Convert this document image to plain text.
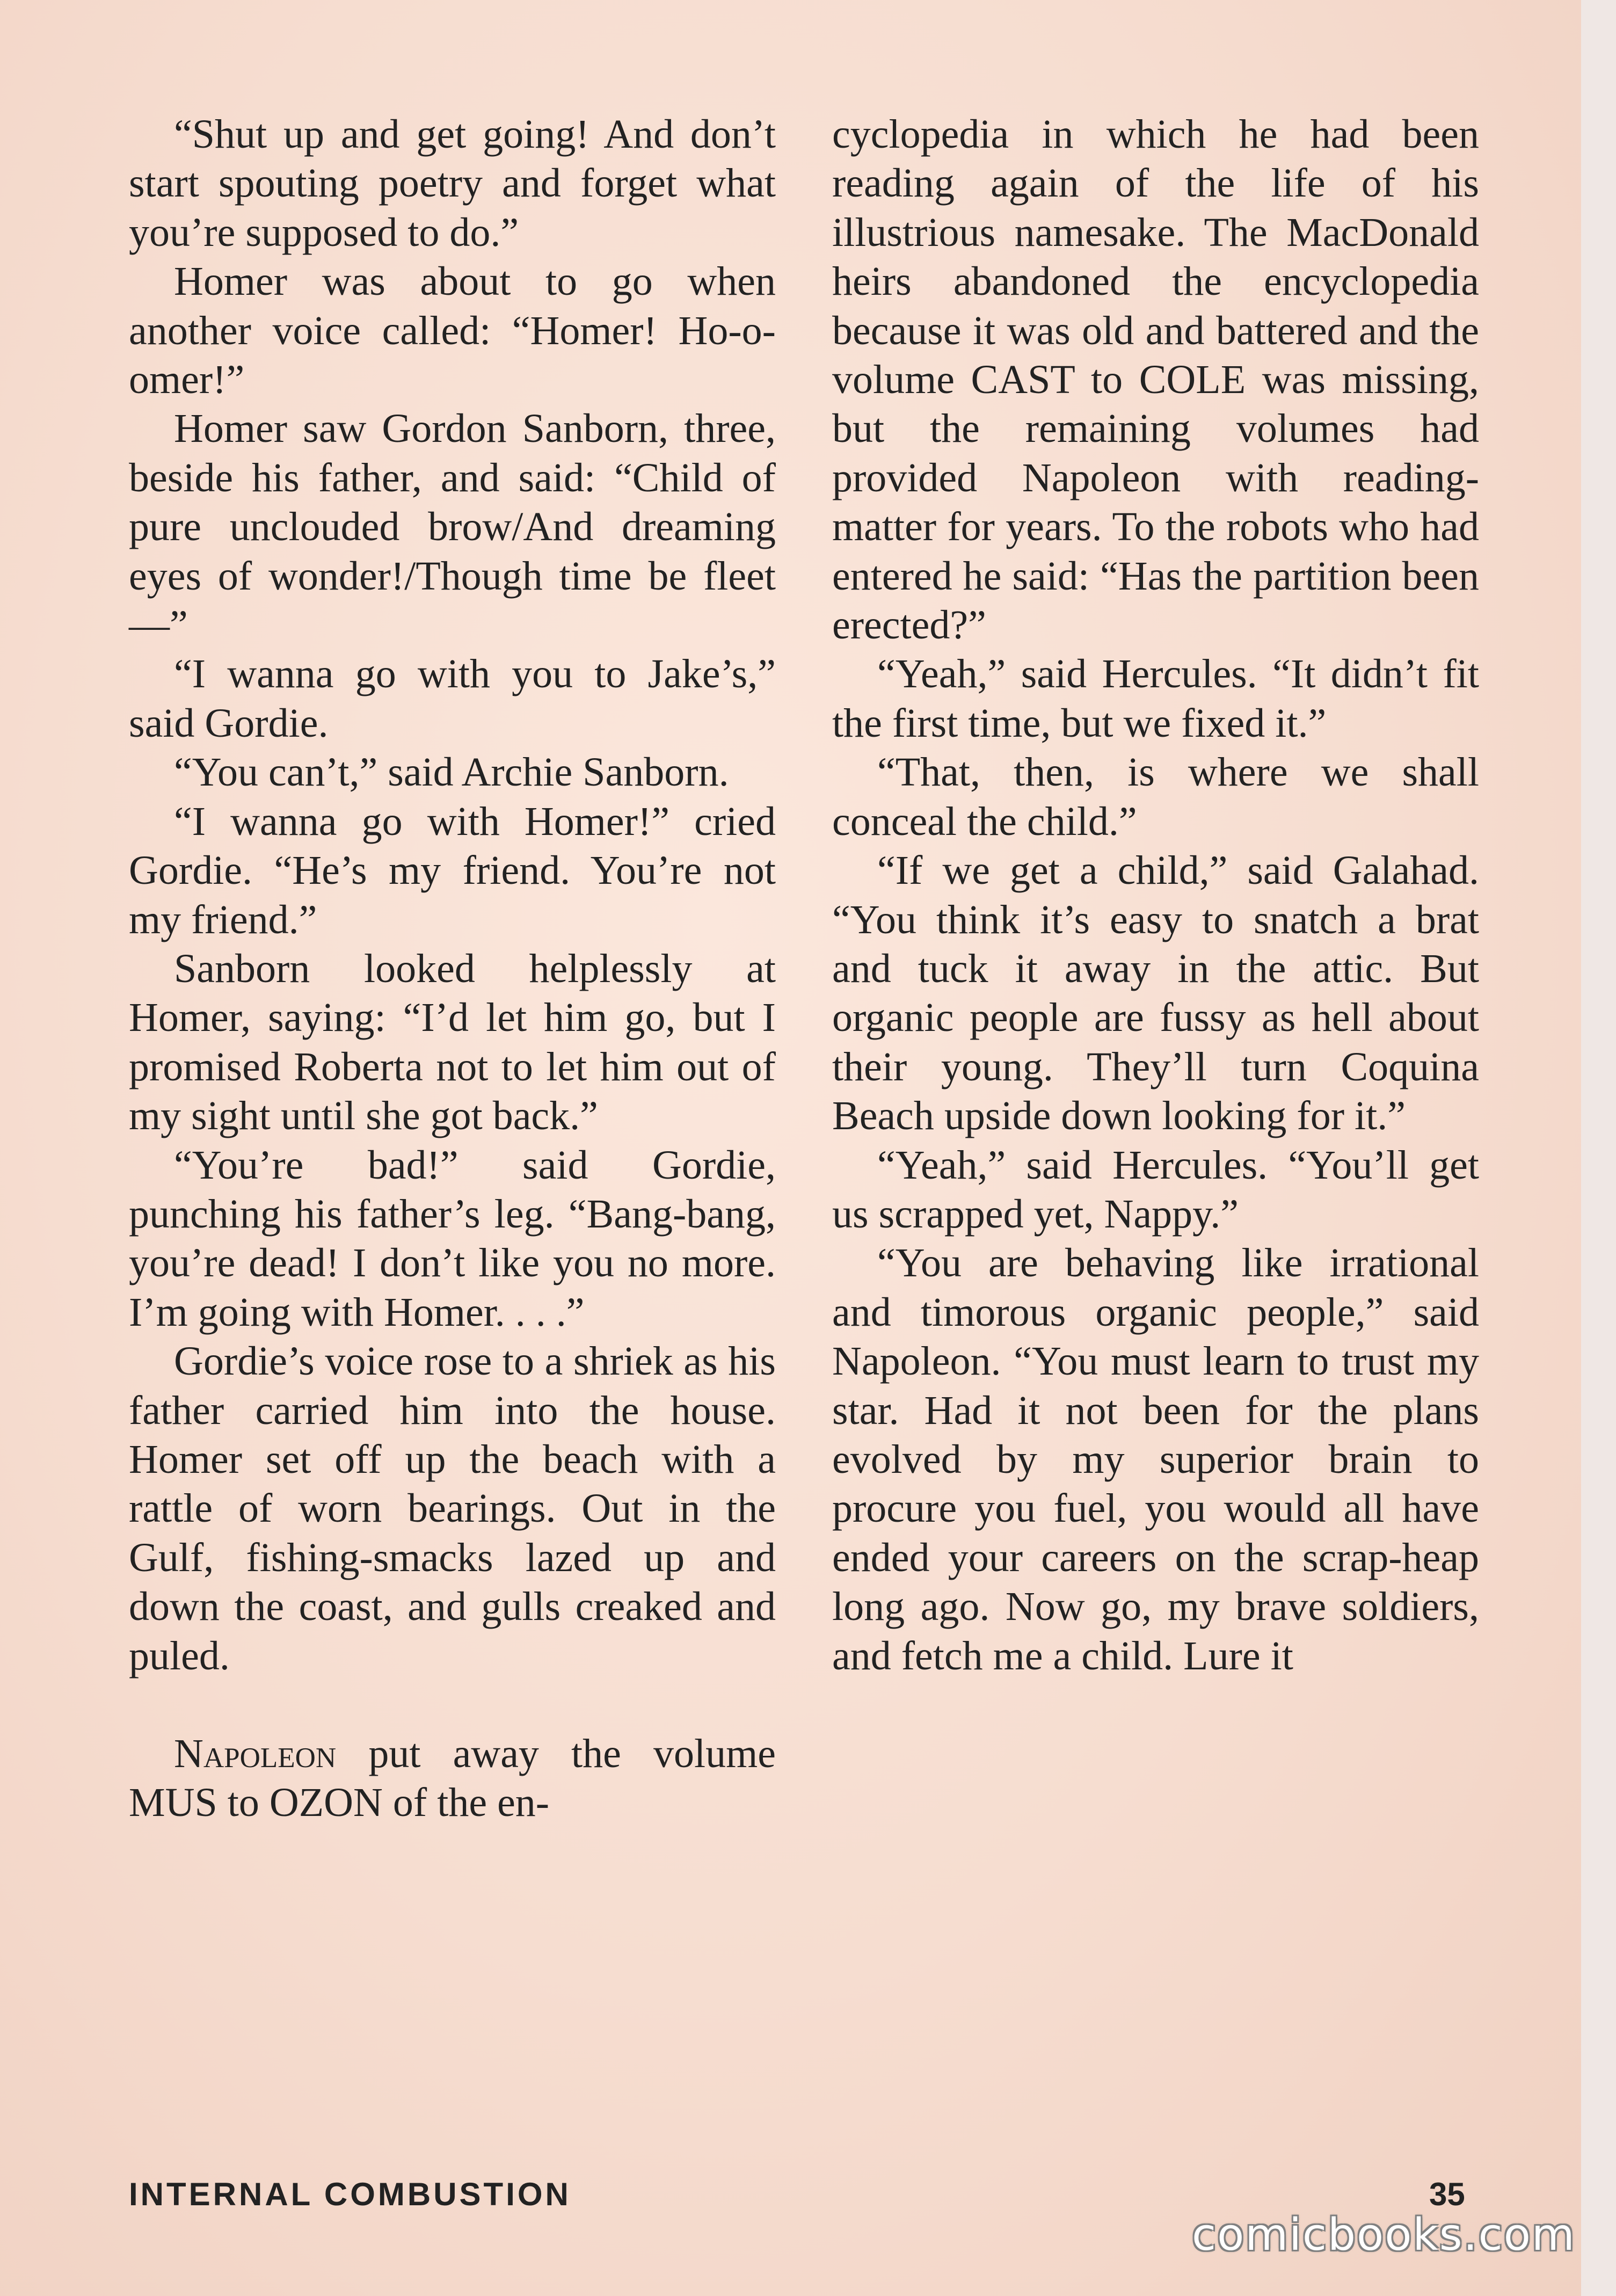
“Shut up and get going! And don’t start spouting poetry and forget what you’re supposed to do.”

Homer was about to go when another voice called: “Homer! Ho-o-omer!”

Homer saw Gordon Sanborn, three, beside his father, and said: “Child of pure unclouded brow/And dreaming eyes of wonder!/Though time be fleet—”

“I wanna go with you to Jake’s,” said Gordie.

“You can’t,” said Archie Sanborn.

“I wanna go with Homer!” cried Gordie. “He’s my friend. You’re not my friend.”

Sanborn looked helplessly at Homer, saying: “I’d let him go, but I promised Roberta not to let him out of my sight until she got back.”

“You’re bad!” said Gordie, punching his father’s leg. “Bang-bang, you’re dead! I don’t like you no more. I’m going with Homer. . . .”

Gordie’s voice rose to a shriek as his father carried him into the house. Homer set off up the beach with a rattle of worn bearings. Out in the Gulf, fishing-smacks lazed up and down the coast, and gulls creaked and puled.

Napoleon put away the volume MUS to OZON of the en-

cyclopedia in which he had been reading again of the life of his illustrious namesake. The MacDonald heirs abandoned the encyclopedia because it was old and battered and the volume CAST to COLE was missing, but the remaining volumes had provided Napoleon with reading-matter for years. To the robots who had entered he said: “Has the partition been erected?”

“Yeah,” said Hercules. “It didn’t fit the first time, but we fixed it.”

“That, then, is where we shall conceal the child.”

“If we get a child,” said Galahad. “You think it’s easy to snatch a brat and tuck it away in the attic. But organic people are fussy as hell about their young. They’ll turn Coquina Beach upside down looking for it.”

“Yeah,” said Hercules. “You’ll get us scrapped yet, Nappy.”

“You are behaving like irrational and timorous organic people,” said Napoleon. “You must learn to trust my star. Had it not been for the plans evolved by my superior brain to procure you fuel, you would all have ended your careers on the scrap-heap long ago. Now go, my brave soldiers, and fetch me a child. Lure it

INTERNAL COMBUSTION	35
comicbooks.com
